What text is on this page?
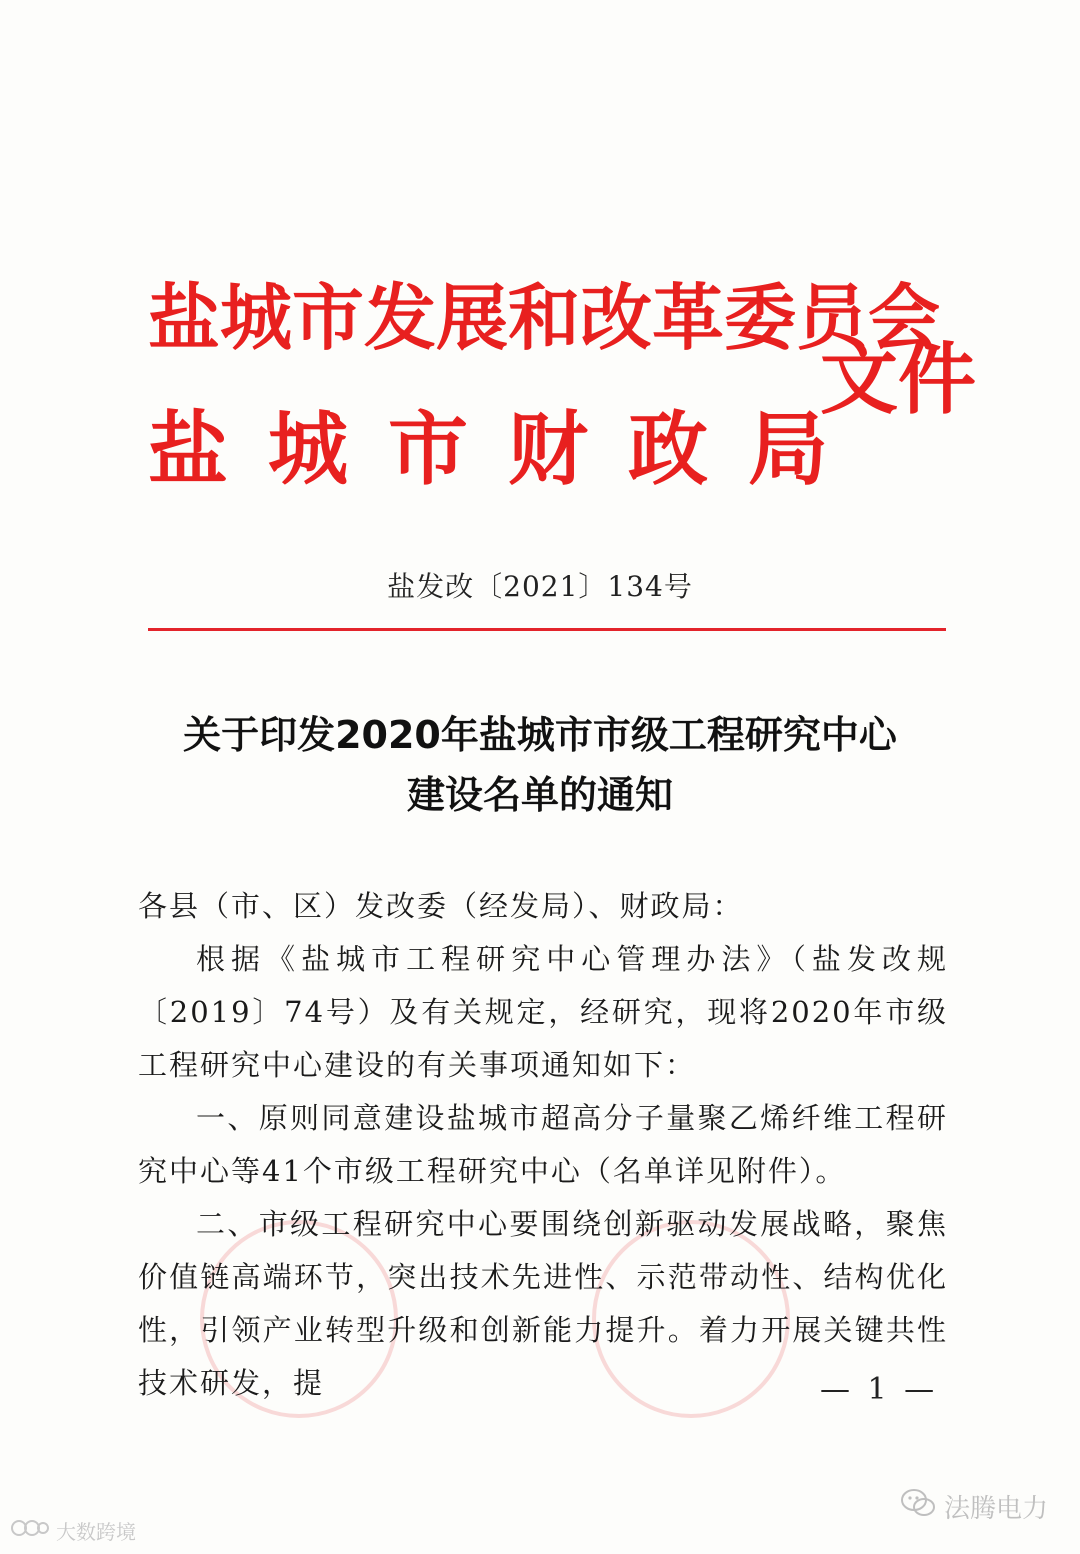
盐城市发展和改革委员会
盐城市财政局
文件
盐发改〔2021〕134号
关于印发2020年盐城市市级工程研究中心
建设名单的通知

各县（市、区）发改委（经发局）、财政局：

根据《盐城市工程研究中心管理办法》（盐发改规〔2019〕74号）及有关规定，经研究，现将2020年市级工程研究中心建设的有关事项通知如下：

一、原则同意建设盐城市超高分子量聚乙烯纤维工程研究中心等41个市级工程研究中心（名单详见附件）。

二、市级工程研究中心要围绕创新驱动发展战略，聚焦价值链高端环节，突出技术先进性、示范带动性、结构优化性，引领产业转型升级和创新能力提升。着力开展关键共性技术研发，提	— 1 —
大数跨境
法腾电力
